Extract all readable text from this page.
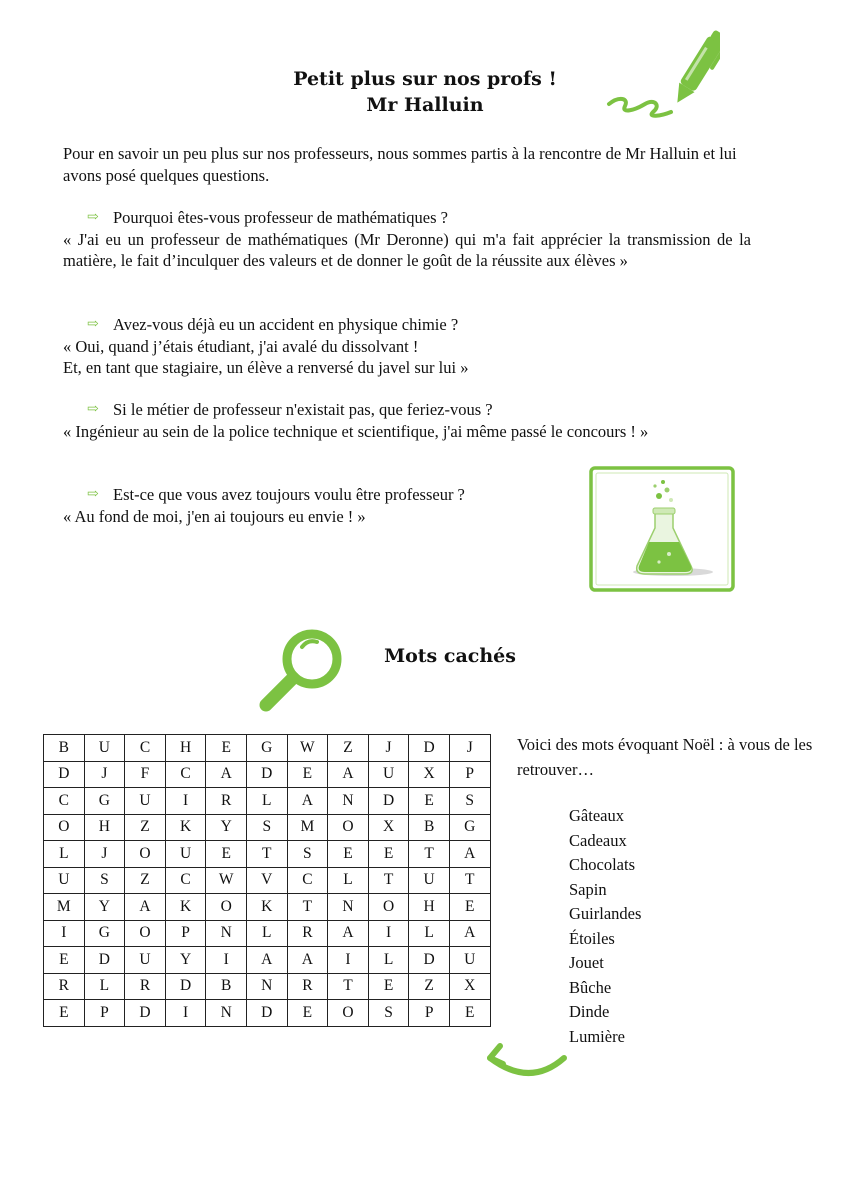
Petit plus sur nos profs !
Mr Halluin

Pour en savoir un peu plus sur nos professeurs, nous sommes partis à la rencontre de Mr Halluin et lui avons posé quelques questions.

⇨ Pourquoi êtes-vous professeur de mathématiques ?

« J'ai eu un professeur de mathématiques (Mr Deronne) qui m'a fait apprécier la transmission de la matière, le fait d’inculquer des valeurs et de donner le goût de la réussite aux élèves »

⇨ Avez-vous déjà eu un accident en physique chimie ?

« Oui, quand j’étais étudiant, j'ai avalé du dissolvant !

Et, en tant que stagiaire, un élève a renversé du javel sur lui »

⇨ Si le métier de professeur n'existait pas, que feriez-vous ?

« Ingénieur au sein de la police technique et scientifique, j'ai même passé le concours ! »

⇨ Est-ce que vous avez toujours voulu être professeur ?

« Au fond de moi, j'en ai toujours eu envie ! »

Mots cachés
B	U	C	H	E	G	W	Z	J	D	J
D	J	F	C	A	D	E	A	U	X	P
C	G	U	I	R	L	A	N	D	E	S
O	H	Z	K	Y	S	M	O	X	B	G
L	J	O	U	E	T	S	E	E	T	A
U	S	Z	C	W	V	C	L	T	U	T
M	Y	A	K	O	K	T	N	O	H	E
I	G	O	P	N	L	R	A	I	L	A
E	D	U	Y	I	A	A	I	L	D	U
R	L	R	D	B	N	R	T	E	Z	X
E	P	D	I	N	D	E	O	S	P	E
Voici des mots évoquant Noël : à vous de les retrouver…
Gâteaux
Cadeaux
Chocolats
Sapin
Guirlandes
Étoiles
Jouet
Bûche
Dinde
Lumière
